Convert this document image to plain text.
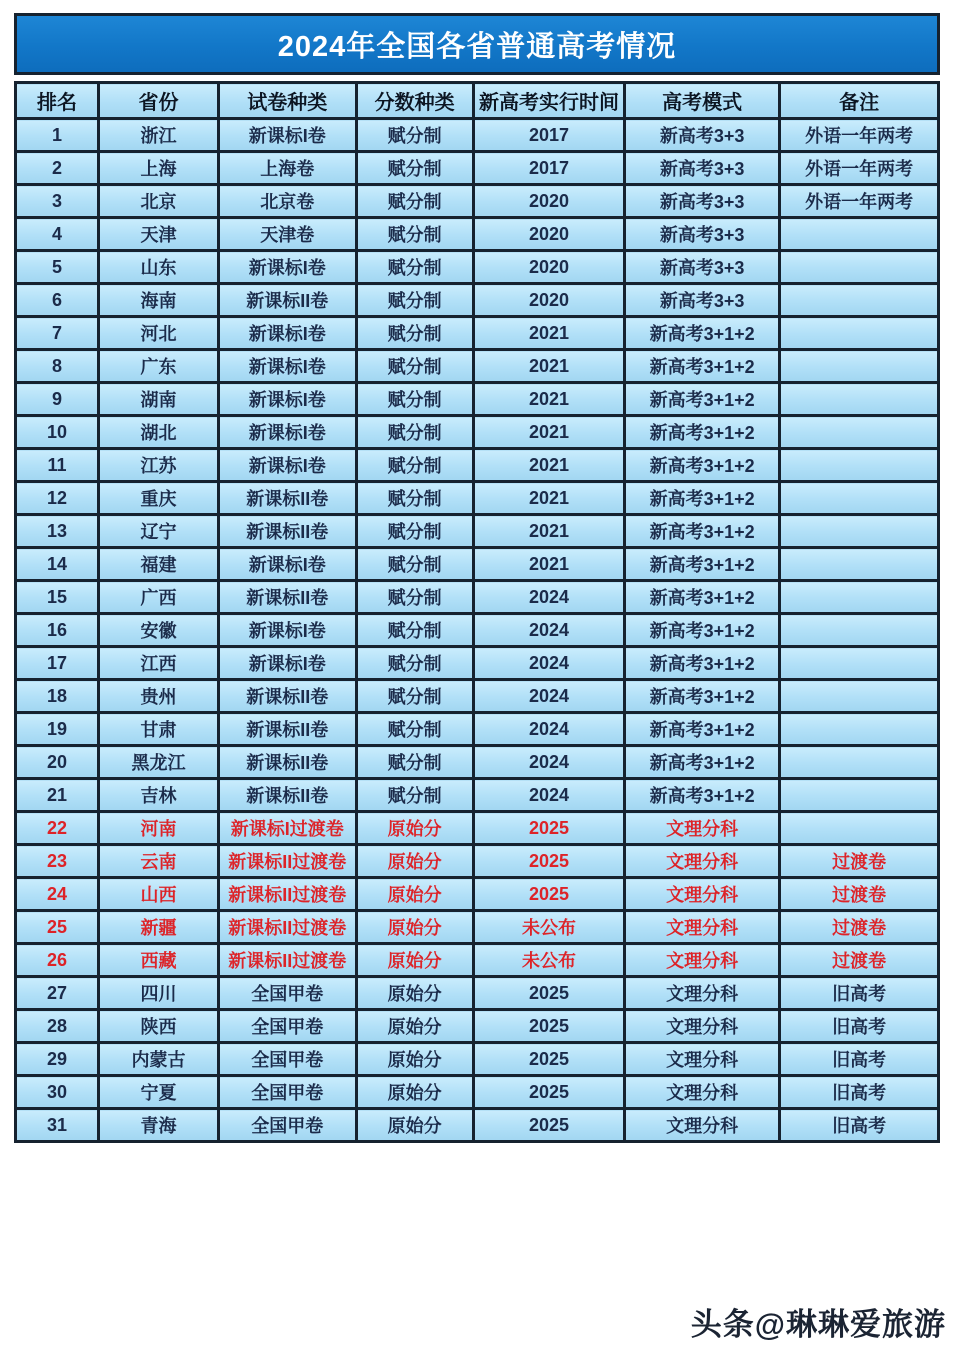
2024年全国各省普通高考情况
排名	省份	试卷种类	分数种类	新高考实行时间	高考模式	备注
1	浙江	新课标I卷	赋分制	2017	新高考3+3	外语一年两考
2	上海	上海卷	赋分制	2017	新高考3+3	外语一年两考
3	北京	北京卷	赋分制	2020	新高考3+3	外语一年两考
4	天津	天津卷	赋分制	2020	新高考3+3	
5	山东	新课标I卷	赋分制	2020	新高考3+3	
6	海南	新课标II卷	赋分制	2020	新高考3+3	
7	河北	新课标I卷	赋分制	2021	新高考3+1+2	
8	广东	新课标I卷	赋分制	2021	新高考3+1+2	
9	湖南	新课标I卷	赋分制	2021	新高考3+1+2	
10	湖北	新课标I卷	赋分制	2021	新高考3+1+2	
11	江苏	新课标I卷	赋分制	2021	新高考3+1+2	
12	重庆	新课标II卷	赋分制	2021	新高考3+1+2	
13	辽宁	新课标II卷	赋分制	2021	新高考3+1+2	
14	福建	新课标I卷	赋分制	2021	新高考3+1+2	
15	广西	新课标II卷	赋分制	2024	新高考3+1+2	
16	安徽	新课标I卷	赋分制	2024	新高考3+1+2	
17	江西	新课标I卷	赋分制	2024	新高考3+1+2	
18	贵州	新课标II卷	赋分制	2024	新高考3+1+2	
19	甘肃	新课标II卷	赋分制	2024	新高考3+1+2	
20	黑龙江	新课标II卷	赋分制	2024	新高考3+1+2	
21	吉林	新课标II卷	赋分制	2024	新高考3+1+2	
22	河南	新课标I过渡卷	原始分	2025	文理分科	
23	云南	新课标II过渡卷	原始分	2025	文理分科	过渡卷
24	山西	新课标II过渡卷	原始分	2025	文理分科	过渡卷
25	新疆	新课标II过渡卷	原始分	未公布	文理分科	过渡卷
26	西藏	新课标II过渡卷	原始分	未公布	文理分科	过渡卷
27	四川	全国甲卷	原始分	2025	文理分科	旧高考
28	陕西	全国甲卷	原始分	2025	文理分科	旧高考
29	内蒙古	全国甲卷	原始分	2025	文理分科	旧高考
30	宁夏	全国甲卷	原始分	2025	文理分科	旧高考
31	青海	全国甲卷	原始分	2025	文理分科	旧高考
头条@琳琳爱旅游
